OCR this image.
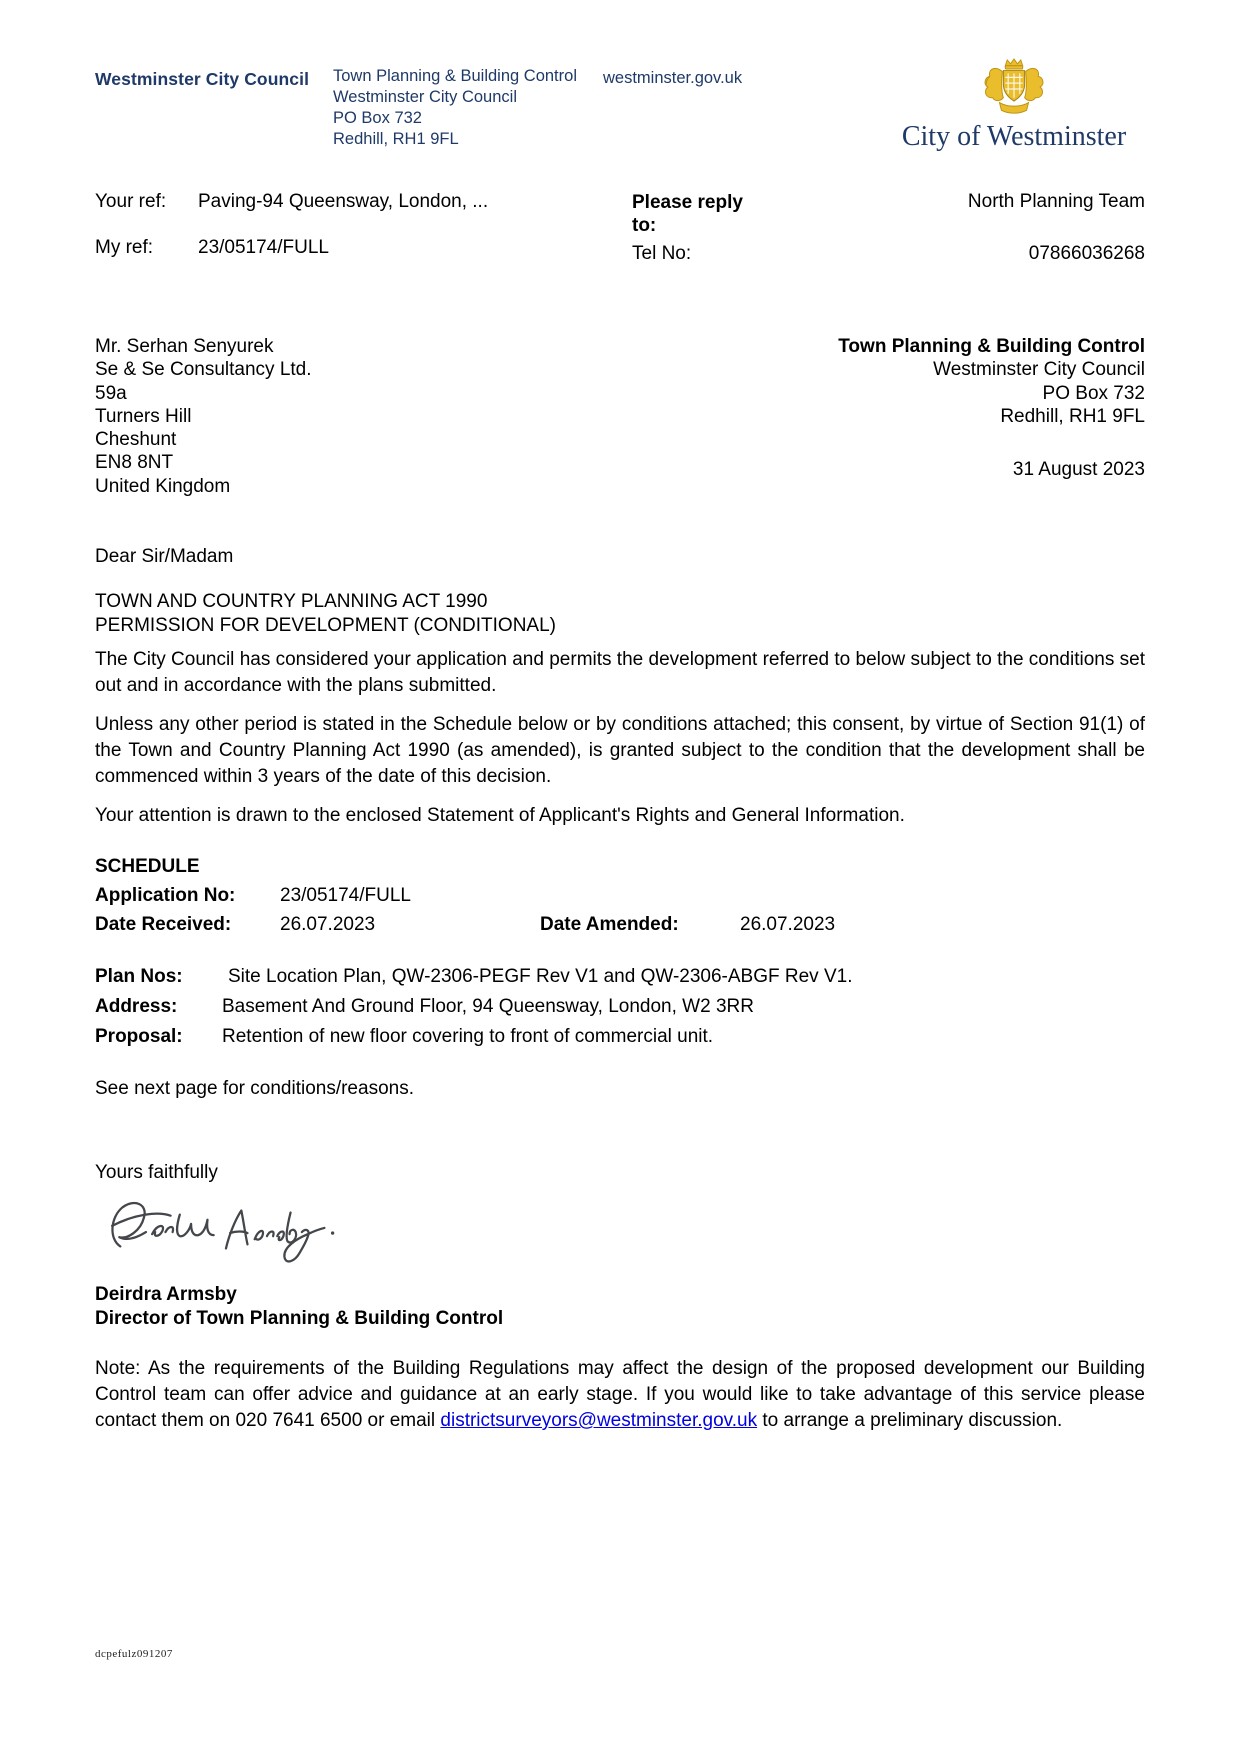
Westminster City Council	Town Planning & Building Control
Westminster City Council
PO Box 732
Redhill, RH1 9FL
westminster.gov.uk
City of Westminster
Your ref:	Paving-94 Queensway, London, ...
My ref:	23/05174/FULL
Please reply to:
North Planning Team
Tel No:	07866036268
Mr. Serhan Senyurek
Se & Se Consultancy Ltd.
59a
Turners Hill
Cheshunt
EN8 8NT
United Kingdom
Town Planning & Building Control
Westminster City Council
PO Box 732
Redhill, RH1 9FL
31 August 2023
Dear Sir/Madam
TOWN AND COUNTRY PLANNING ACT 1990
PERMISSION FOR DEVELOPMENT (CONDITIONAL)

The City Council has considered your application and permits the development referred to below subject to the conditions set out and in accordance with the plans submitted.

Unless any other period is stated in the Schedule below or by conditions attached; this consent, by virtue of Section 91(1) of the Town and Country Planning Act 1990 (as amended), is granted subject to the condition that the development shall be commenced within 3 years of the date of this decision.

Your attention is drawn to the enclosed Statement of Applicant's Rights and General Information.

SCHEDULE
Application No:	23/05174/FULL
Date Received:	26.07.2023	Date Amended:	26.07.2023
Plan Nos:	Site Location Plan, QW-2306-PEGF Rev V1 and QW-2306-ABGF Rev V1.
Address:	Basement And Ground Floor, 94 Queensway, London, W2 3RR
Proposal:	Retention of new floor covering to front of commercial unit.
See next page for conditions/reasons.
Yours faithfully
Deirdra Armsby
Director of Town Planning & Building Control

Note: As the requirements of the Building Regulations may affect the design of the proposed development our Building Control team can offer advice and guidance at an early stage. If you would like to take advantage of this service please contact them on 020 7641 6500 or email districtsurveyors@westminster.gov.uk to arrange a preliminary discussion.

dcpefulz091207
